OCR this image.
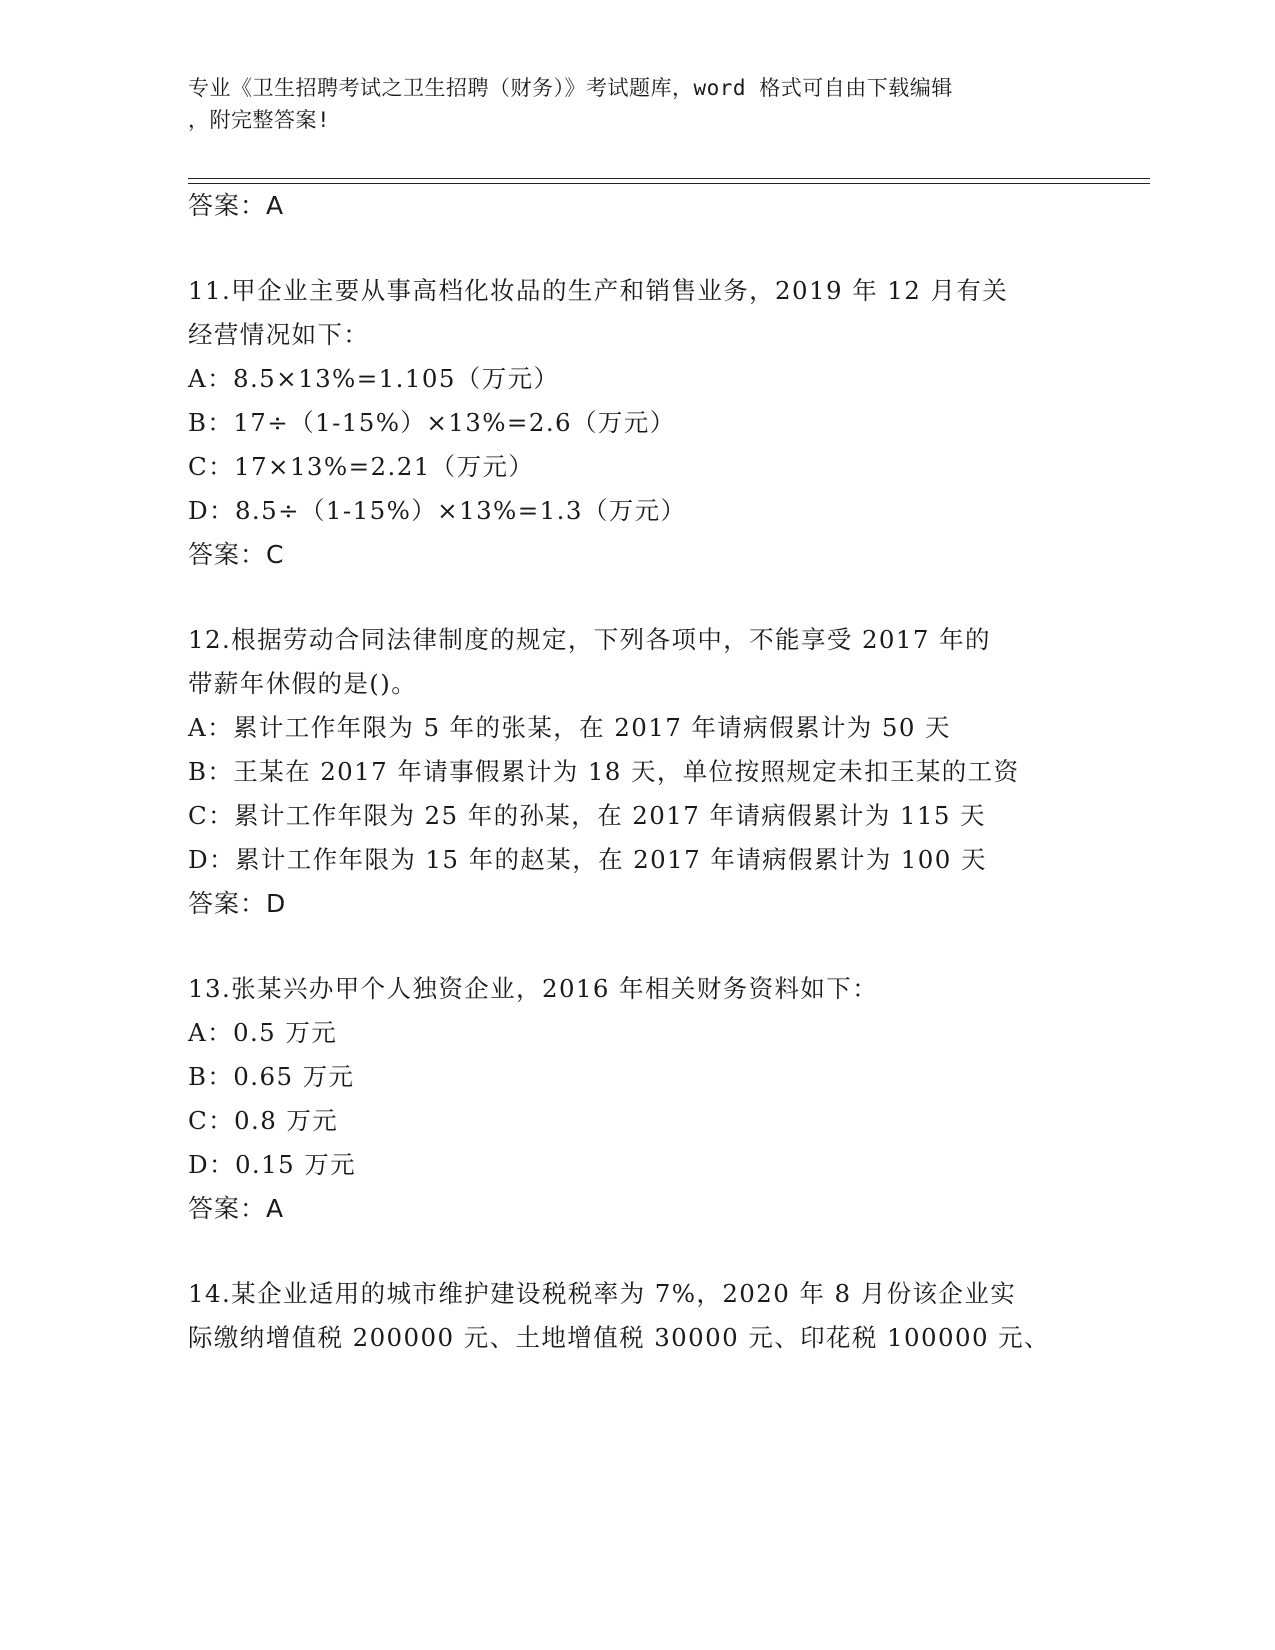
专业《卫生招聘考试之卫生招聘（财务）》考试题库，word 格式可自由下载编辑
，附完整答案!
答案：A
11.甲企业主要从事高档化妆品的生产和销售业务，2019 年 12 月有关
经营情况如下：
A：8.5×13%=1.105（万元）
B：17÷（1-15%）×13%=2.6（万元）
C：17×13%=2.21（万元）
D：8.5÷（1-15%）×13%=1.3（万元）
答案：C
12.根据劳动合同法律制度的规定，下列各项中，不能享受 2017 年的
带薪年休假的是()。
A：累计工作年限为 5 年的张某，在 2017 年请病假累计为 50 天
B：王某在 2017 年请事假累计为 18 天，单位按照规定未扣王某的工资
C：累计工作年限为 25 年的孙某，在 2017 年请病假累计为 115 天
D：累计工作年限为 15 年的赵某，在 2017 年请病假累计为 100 天
答案：D
13.张某兴办甲个人独资企业，2016 年相关财务资料如下：
A：0.5 万元
B：0.65 万元
C：0.8 万元
D：0.15 万元
答案：A
14.某企业适用的城市维护建设税税率为 7%，2020 年 8 月份该企业实
际缴纳增值税 200000 元、土地增值税 30000 元、印花税 100000 元、
